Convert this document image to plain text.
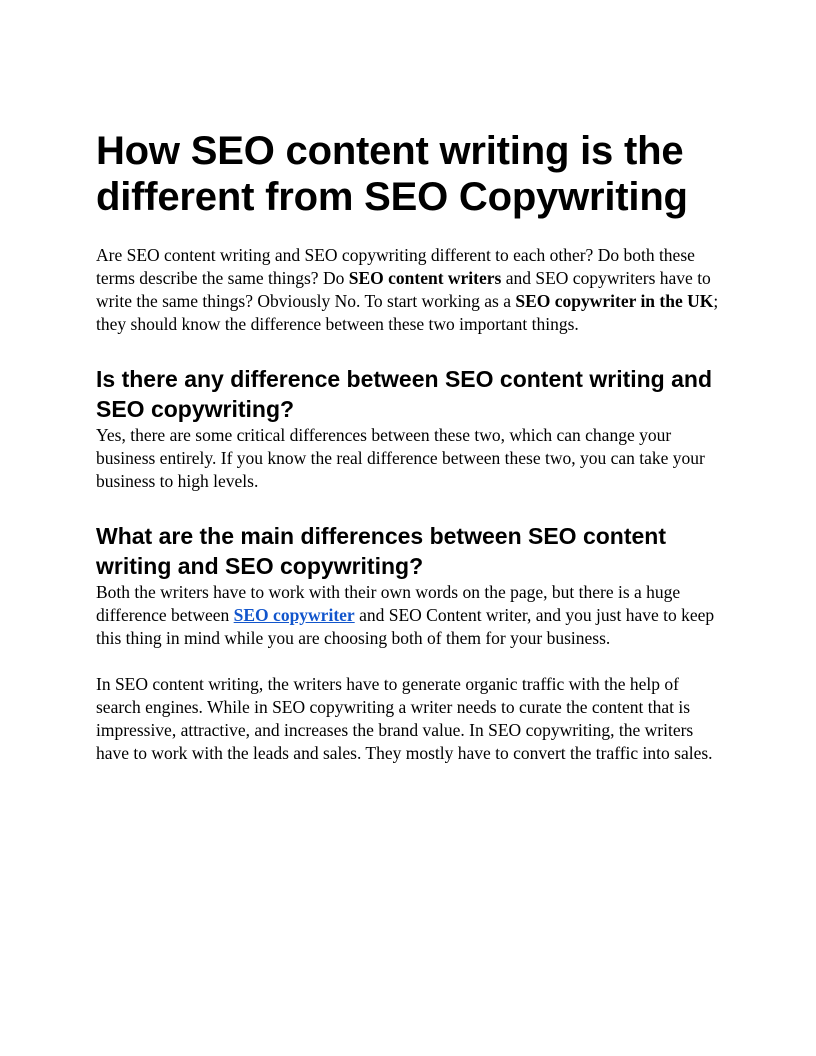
How SEO content writing is the different from SEO Copywriting

Are SEO content writing and SEO copywriting different to each other? Do both these terms describe the same things? Do SEO content writers and SEO copywriters have to write the same things? Obviously No. To start working as a SEO copywriter in the UK; they should know the difference between these two important things.

Is there any difference between SEO content writing and SEO copywriting?

Yes, there are some critical differences between these two, which can change your business entirely. If you know the real difference between these two, you can take your business to high levels.

What are the main differences between SEO content writing and SEO copywriting?

Both the writers have to work with their own words on the page, but there is a huge difference between SEO copywriter and SEO Content writer, and you just have to keep this thing in mind while you are choosing both of them for your business.

In SEO content writing, the writers have to generate organic traffic with the help of search engines. While in SEO copywriting a writer needs to curate the content that is impressive, attractive, and increases the brand value. In SEO copywriting, the writers have to work with the leads and sales. They mostly have to convert the traffic into sales.
